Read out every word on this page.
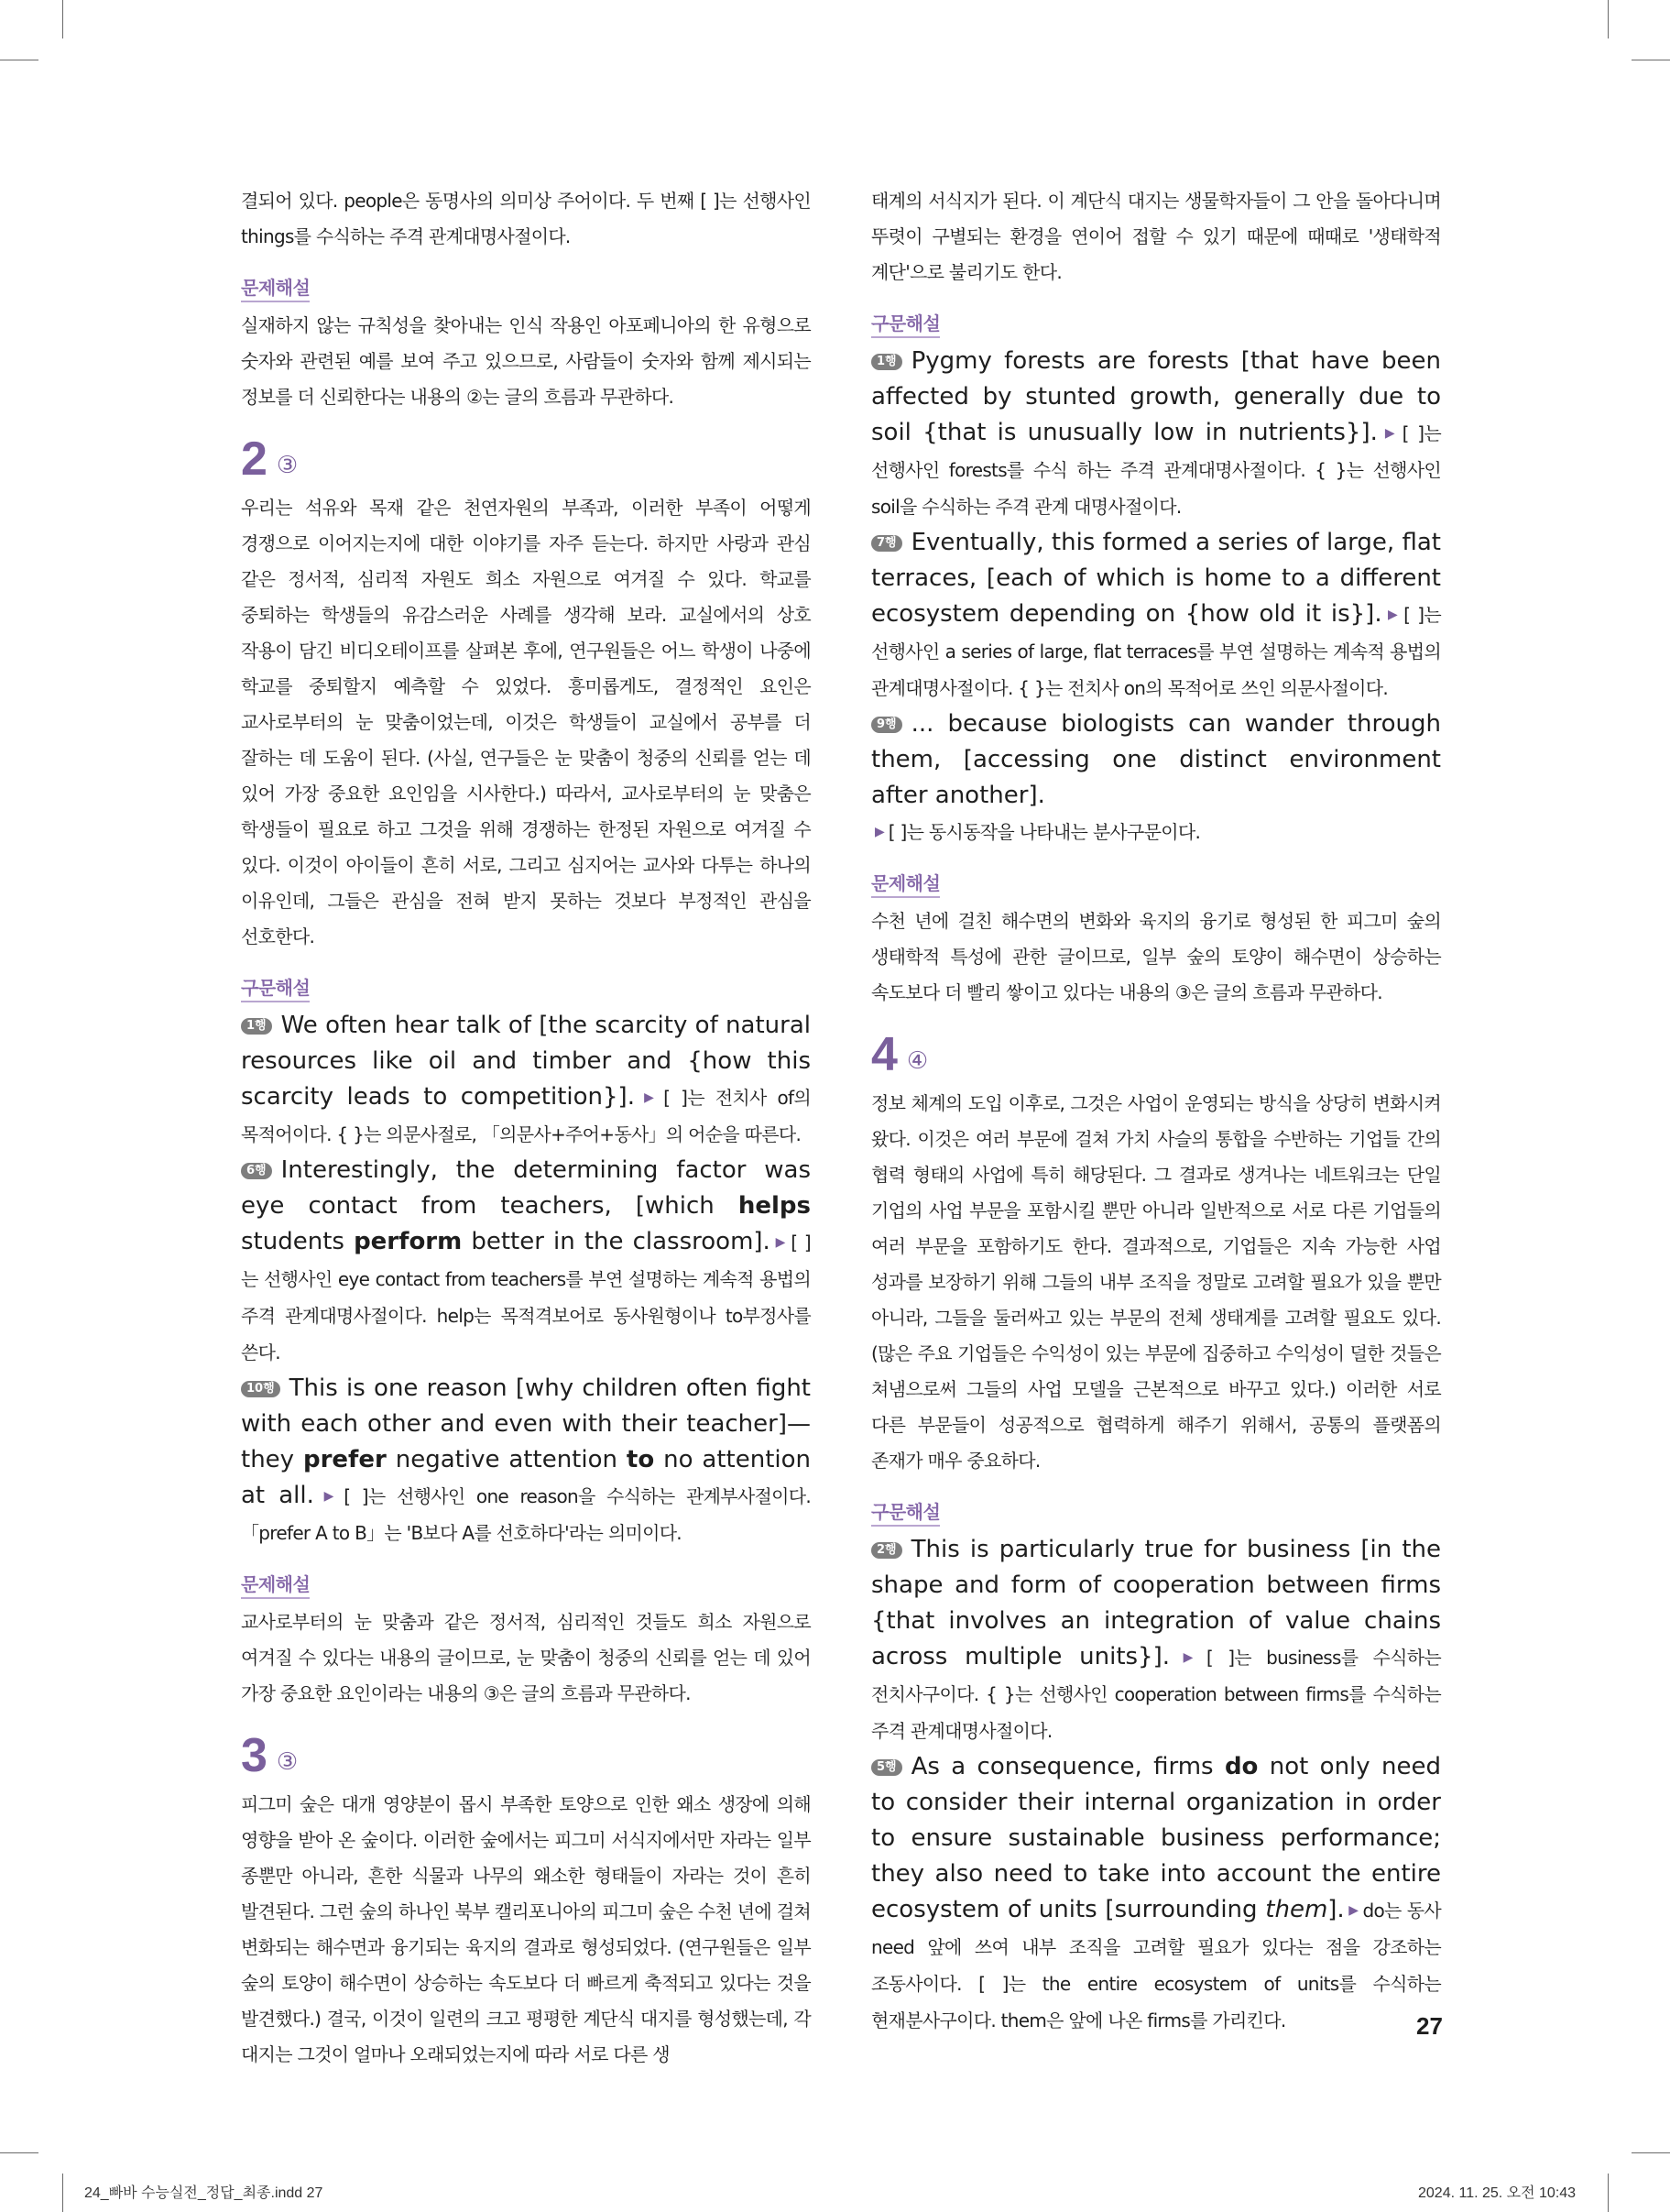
결되어 있다. people은 동명사의 의미상 주어이다. 두 번째 [ ]는 선행사인 things를 수식하는 주격 관계대명사절이다.

문제해설

실재하지 않는 규칙성을 찾아내는 인식 작용인 아포페니아의 한 유형으로 숫자와 관련된 예를 보여 주고 있으므로, 사람들이 숫자와 함께 제시되는 정보를 더 신뢰한다는 내용의 ②는 글의 흐름과 무관하다.

2 ③

우리는 석유와 목재 같은 천연자원의 부족과, 이러한 부족이 어떻게 경쟁으로 이어지는지에 대한 이야기를 자주 듣는다. 하지만 사랑과 관심 같은 정서적, 심리적 자원도 희소 자원으로 여겨질 수 있다. 학교를 중퇴하는 학생들의 유감스러운 사례를 생각해 보라. 교실에서의 상호 작용이 담긴 비디오테이프를 살펴본 후에, 연구원들은 어느 학생이 나중에 학교를 중퇴할지 예측할 수 있었다. 흥미롭게도, 결정적인 요인은 교사로부터의 눈 맞춤이었는데, 이것은 학생들이 교실에서 공부를 더 잘하는 데 도움이 된다. (사실, 연구들은 눈 맞춤이 청중의 신뢰를 얻는 데 있어 가장 중요한 요인임을 시사한다.) 따라서, 교사로부터의 눈 맞춤은 학생들이 필요로 하고 그것을 위해 경쟁하는 한정된 자원으로 여겨질 수 있다. 이것이 아이들이 흔히 서로, 그리고 심지어는 교사와 다투는 하나의 이유인데, 그들은 관심을 전혀 받지 못하는 것보다 부정적인 관심을 선호한다.

구문해설

1행 We often hear talk of [the scarcity of natural resources like oil and timber and {how this scarcity leads to competition}]. ▶ [ ]는 전치사 of의 목적어이다. { }는 의문사절로, 「의문사+주어+동사」의 어순을 따른다.

6행 Interestingly, the determining factor was eye contact from teachers, [which helps students perform better in the classroom]. ▶ [ ]는 선행사인 eye contact from teachers를 부연 설명하는 계속적 용법의 주격 관계대명사절이다. help는 목적격보어로 동사원형이나 to부정사를 쓴다.

10행 This is one reason [why children often fight with each other and even with their teacher]—they prefer negative attention to no attention at all. ▶ [ ]는 선행사인 one reason을 수식하는 관계부사절이다. 「prefer A to B」는 'B보다 A를 선호하다'라는 의미이다.

문제해설

교사로부터의 눈 맞춤과 같은 정서적, 심리적인 것들도 희소 자원으로 여겨질 수 있다는 내용의 글이므로, 눈 맞춤이 청중의 신뢰를 얻는 데 있어 가장 중요한 요인이라는 내용의 ③은 글의 흐름과 무관하다.

3 ③

피그미 숲은 대개 영양분이 몹시 부족한 토양으로 인한 왜소 생장에 의해 영향을 받아 온 숲이다. 이러한 숲에서는 피그미 서식지에서만 자라는 일부 종뿐만 아니라, 흔한 식물과 나무의 왜소한 형태들이 자라는 것이 흔히 발견된다. 그런 숲의 하나인 북부 캘리포니아의 피그미 숲은 수천 년에 걸쳐 변화되는 해수면과 융기되는 육지의 결과로 형성되었다. (연구원들은 일부 숲의 토양이 해수면이 상승하는 속도보다 더 빠르게 축적되고 있다는 것을 발견했다.) 결국, 이것이 일련의 크고 평평한 계단식 대지를 형성했는데, 각 대지는 그것이 얼마나 오래되었는지에 따라 서로 다른 생

태계의 서식지가 된다. 이 계단식 대지는 생물학자들이 그 안을 돌아다니며 뚜렷이 구별되는 환경을 연이어 접할 수 있기 때문에 때때로 '생태학적 계단'으로 불리기도 한다.

구문해설

1행 Pygmy forests are forests [that have been affected by stunted growth, generally due to soil {that is unusually low in nutrients}]. ▶ [ ]는 선행사인 forests를 수식 하는 주격 관계대명사절이다. { }는 선행사인 soil을 수식하는 주격 관계 대명사절이다.

7행 Eventually, this formed a series of large, flat terraces, [each of which is home to a different ecosystem depending on {how old it is}]. ▶ [ ]는 선행사인 a series of large, flat terraces를 부연 설명하는 계속적 용법의 관계대명사절이다. { }는 전치사 on의 목적어로 쓰인 의문사절이다.

9행 ... because biologists can wander through them, [accessing one distinct environment after another].
▶ [ ]는 동시동작을 나타내는 분사구문이다.

문제해설

수천 년에 걸친 해수면의 변화와 육지의 융기로 형성된 한 피그미 숲의 생태학적 특성에 관한 글이므로, 일부 숲의 토양이 해수면이 상승하는 속도보다 더 빨리 쌓이고 있다는 내용의 ③은 글의 흐름과 무관하다.

4 ④

정보 체계의 도입 이후로, 그것은 사업이 운영되는 방식을 상당히 변화시켜 왔다. 이것은 여러 부문에 걸쳐 가치 사슬의 통합을 수반하는 기업들 간의 협력 형태의 사업에 특히 해당된다. 그 결과로 생겨나는 네트워크는 단일 기업의 사업 부문을 포함시킬 뿐만 아니라 일반적으로 서로 다른 기업들의 여러 부문을 포함하기도 한다. 결과적으로, 기업들은 지속 가능한 사업 성과를 보장하기 위해 그들의 내부 조직을 정말로 고려할 필요가 있을 뿐만 아니라, 그들을 둘러싸고 있는 부문의 전체 생태계를 고려할 필요도 있다. (많은 주요 기업들은 수익성이 있는 부문에 집중하고 수익성이 덜한 것들은 쳐냄으로써 그들의 사업 모델을 근본적으로 바꾸고 있다.) 이러한 서로 다른 부문들이 성공적으로 협력하게 해주기 위해서, 공통의 플랫폼의 존재가 매우 중요하다.

구문해설

2행 This is particularly true for business [in the shape and form of cooperation between firms {that involves an integration of value chains across multiple units}]. ▶ [ ]는 business를 수식하는 전치사구이다. { }는 선행사인 cooperation between firms를 수식하는 주격 관계대명사절이다.

5행 As a consequence, firms do not only need to consider their internal organization in order to ensure sustainable business performance; they also need to take into account the entire ecosystem of units [surrounding them]. ▶ do는 동사 need 앞에 쓰여 내부 조직을 고려할 필요가 있다는 점을 강조하는 조동사이다. [ ]는 the entire ecosystem of units를 수식하는 현재분사구이다. them은 앞에 나온 firms를 가리킨다.	27
24_빠바 수능실전_정답_최종.indd 27	2024. 11. 25. 오전 10:43
